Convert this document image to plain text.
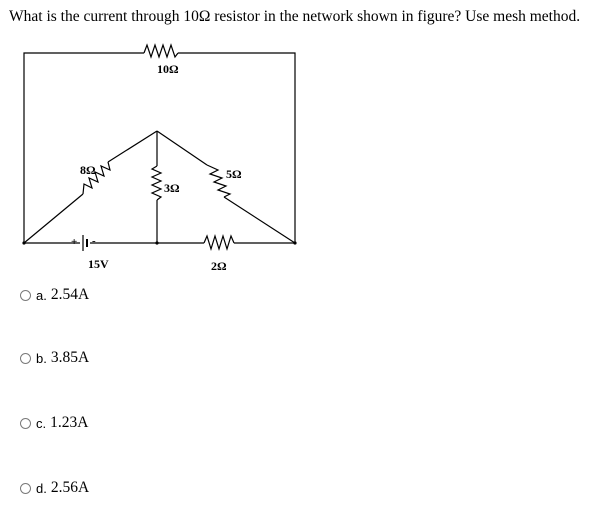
What is the current through 10Ω resistor in the network shown in figure? Use mesh method.
10Ω
8Ω
3Ω
5Ω
2Ω
15V
+ -
a. 2.54A
b. 3.85A
c. 1.23A
d. 2.56A
